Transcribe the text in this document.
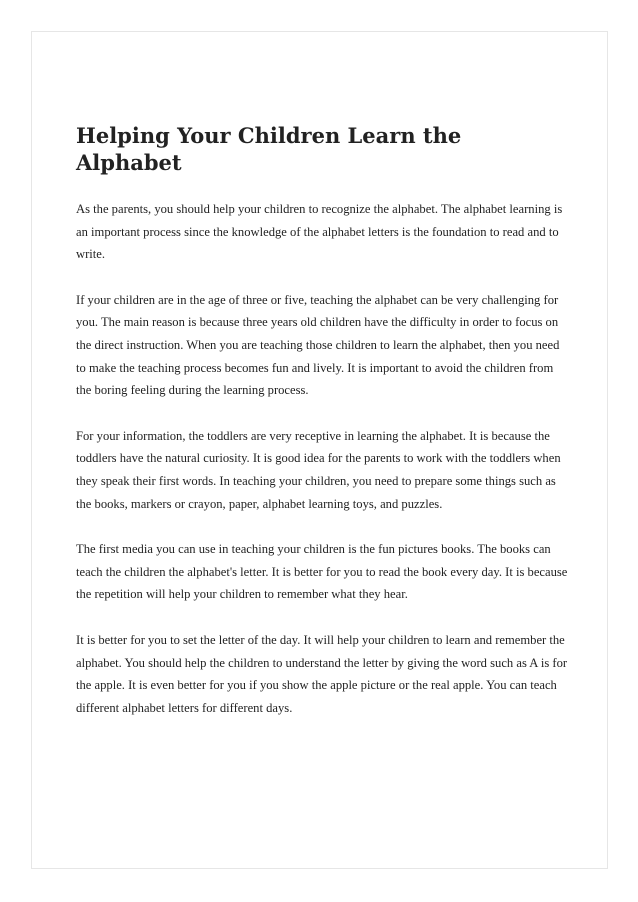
Helping Your Children Learn the Alphabet

As the parents, you should help your children to recognize the alphabet. The alphabet learning is an important process since the knowledge of the alphabet letters is the foundation to read and to write.

If your children are in the age of three or five, teaching the alphabet can be very challenging for you. The main reason is because three years old children have the difficulty in order to focus on the direct instruction. When you are teaching those children to learn the alphabet, then you need to make the teaching process becomes fun and lively. It is important to avoid the children from the boring feeling during the learning process.

For your information, the toddlers are very receptive in learning the alphabet. It is because the toddlers have the natural curiosity. It is good idea for the parents to work with the toddlers when they speak their first words. In teaching your children, you need to prepare some things such as the books, markers or crayon, paper, alphabet learning toys, and puzzles.

The first media you can use in teaching your children is the fun pictures books. The books can teach the children the alphabet's letter. It is better for you to read the book every day. It is because the repetition will help your children to remember what they hear.

It is better for you to set the letter of the day. It will help your children to learn and remember the alphabet. You should help the children to understand the letter by giving the word such as A is for the apple. It is even better for you if you show the apple picture or the real apple. You can teach different alphabet letters for different days.
